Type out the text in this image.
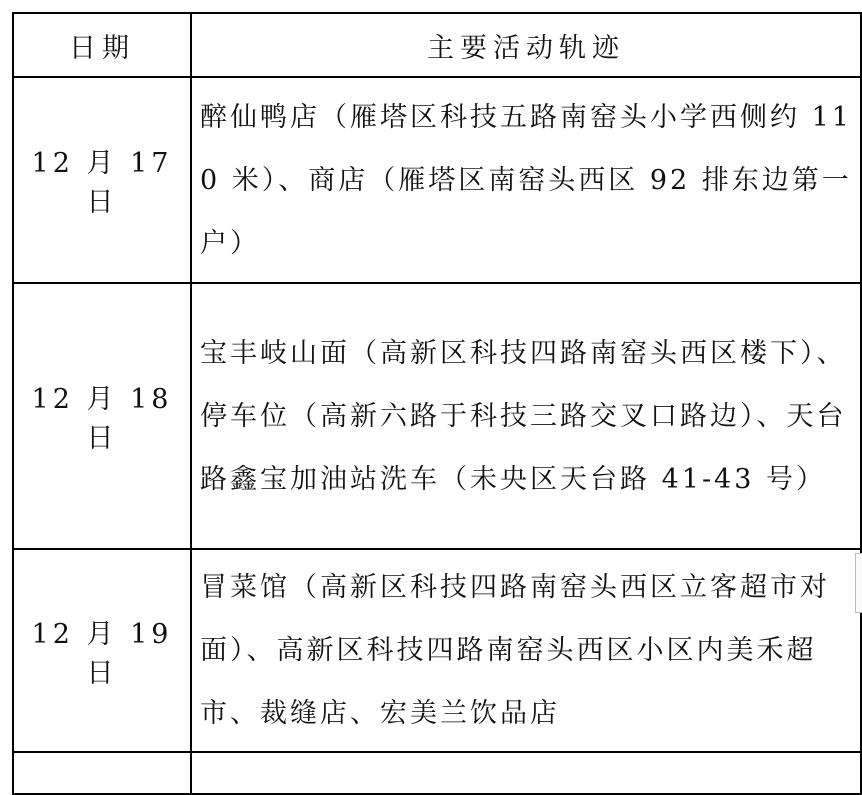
日期	主要活动轨迹
12 月 17 日	醉仙鸭店（雁塔区科技五路南窑头小学西侧约 110 米）、商店（雁塔区南窑头西区 92 排东边第一户）
12 月 18 日	宝丰岐山面（高新区科技四路南窑头西区楼下）、停车位（高新六路于科技三路交叉口路边）、天台路鑫宝加油站洗车（未央区天台路 41-43 号）
12 月 19 日	冒菜馆（高新区科技四路南窑头西区立客超市对面）、高新区科技四路南窑头西区小区内美禾超市、裁缝店、宏美兰饮品店
